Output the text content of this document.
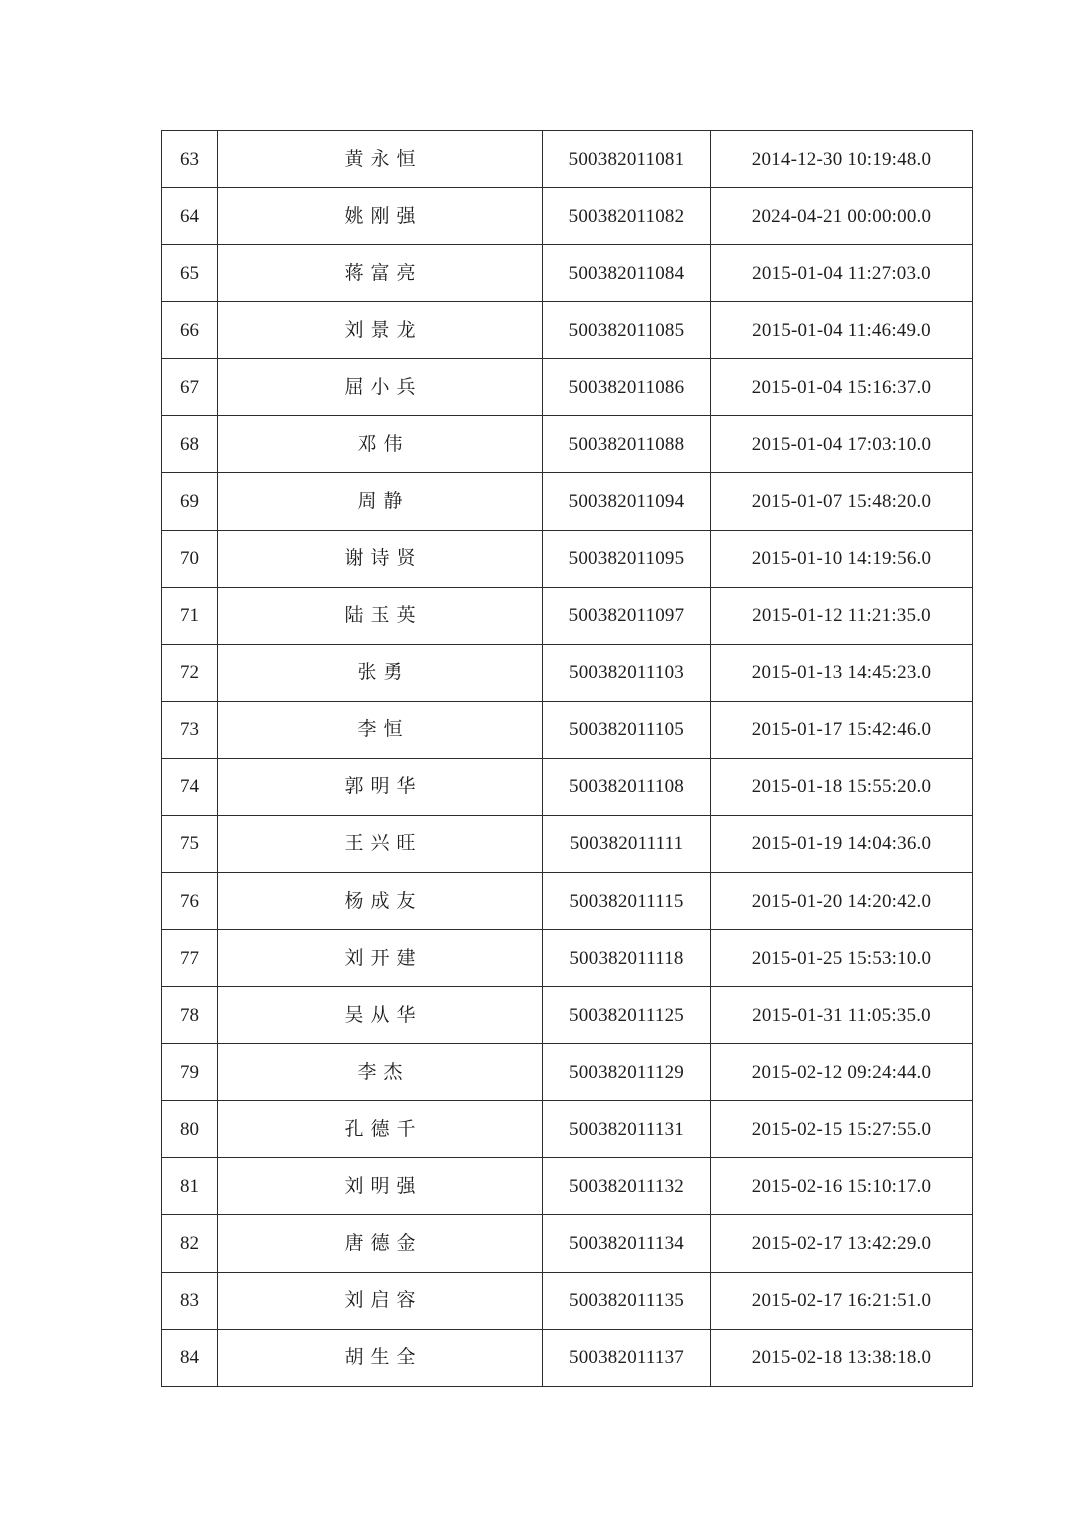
63	黄永恒	500382011081	2014-12-30 10:19:48.0
64	姚刚强	500382011082	2024-04-21 00:00:00.0
65	蒋富亮	500382011084	2015-01-04 11:27:03.0
66	刘景龙	500382011085	2015-01-04 11:46:49.0
67	屈小兵	500382011086	2015-01-04 15:16:37.0
68	邓伟	500382011088	2015-01-04 17:03:10.0
69	周静	500382011094	2015-01-07 15:48:20.0
70	谢诗贤	500382011095	2015-01-10 14:19:56.0
71	陆玉英	500382011097	2015-01-12 11:21:35.0
72	张勇	500382011103	2015-01-13 14:45:23.0
73	李恒	500382011105	2015-01-17 15:42:46.0
74	郭明华	500382011108	2015-01-18 15:55:20.0
75	王兴旺	500382011111	2015-01-19 14:04:36.0
76	杨成友	500382011115	2015-01-20 14:20:42.0
77	刘开建	500382011118	2015-01-25 15:53:10.0
78	吴从华	500382011125	2015-01-31 11:05:35.0
79	李杰	500382011129	2015-02-12 09:24:44.0
80	孔德千	500382011131	2015-02-15 15:27:55.0
81	刘明强	500382011132	2015-02-16 15:10:17.0
82	唐德金	500382011134	2015-02-17 13:42:29.0
83	刘启容	500382011135	2015-02-17 16:21:51.0
84	胡生全	500382011137	2015-02-18 13:38:18.0
